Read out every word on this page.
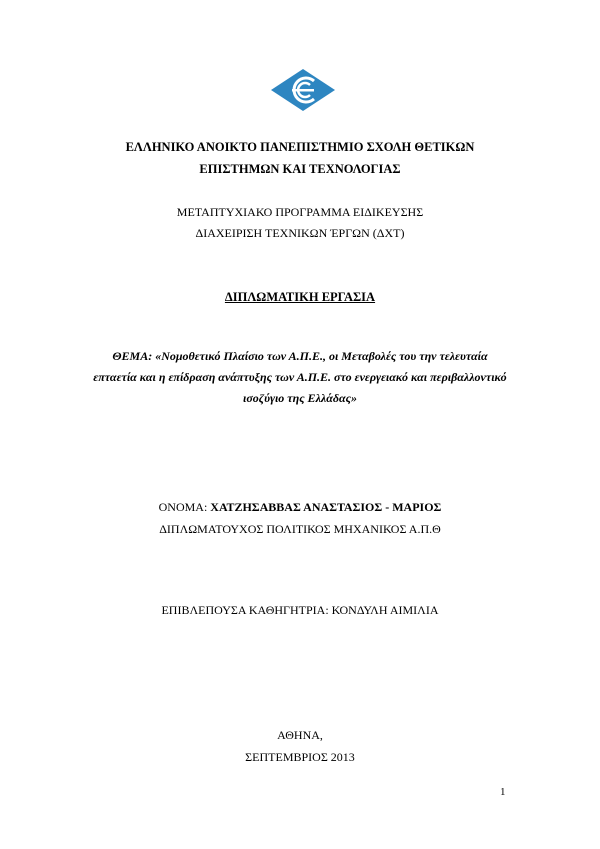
ΕΛΛΗΝΙΚΟ ΑΝΟΙΚΤΟ ΠΑΝΕΠΙΣΤΗΜΙΟ ΣΧΟΛΗ ΘΕΤΙΚΩΝ
ΕΠΙΣΤΗΜΩΝ ΚΑΙ ΤΕΧΝΟΛΟΓΙΑΣ
ΜΕΤΑΠΤΥΧΙΑΚΟ ΠΡΟΓΡΑΜΜΑ ΕΙΔΙΚΕΥΣΗΣ
ΔΙΑΧΕΙΡΙΣΗ ΤΕΧΝΙΚΩΝ ΈΡΓΩΝ (ΔΧΤ)
ΔΙΠΛΩΜΑΤΙΚΗ ΕΡΓΑΣΙΑ
ΘΕΜΑ: «Νομοθετικό Πλαίσιο των Α.Π.Ε., οι Μεταβολές του την τελευταία
επταετία και η επίδραση ανάπτυξης των Α.Π.Ε. στο ενεργειακό και περιβαλλοντικό
ισοζύγιο της Ελλάδας»
ΟΝΟΜΑ: ΧΑΤΖΗΣΑΒΒΑΣ ΑΝΑΣΤΑΣΙΟΣ - ΜΑΡΙΟΣ
ΔΙΠΛΩΜΑΤΟΥΧΟΣ ΠΟΛΙΤΙΚΟΣ ΜΗΧΑΝΙΚΟΣ Α.Π.Θ
ΕΠΙΒΛΕΠΟΥΣΑ ΚΑΘΗΓΗΤΡΙΑ: ΚΟΝΔΥΛΗ ΑΙΜΙΛΙΑ
ΑΘΗΝΑ,
ΣΕΠΤΕΜΒΡΙΟΣ 2013
1
